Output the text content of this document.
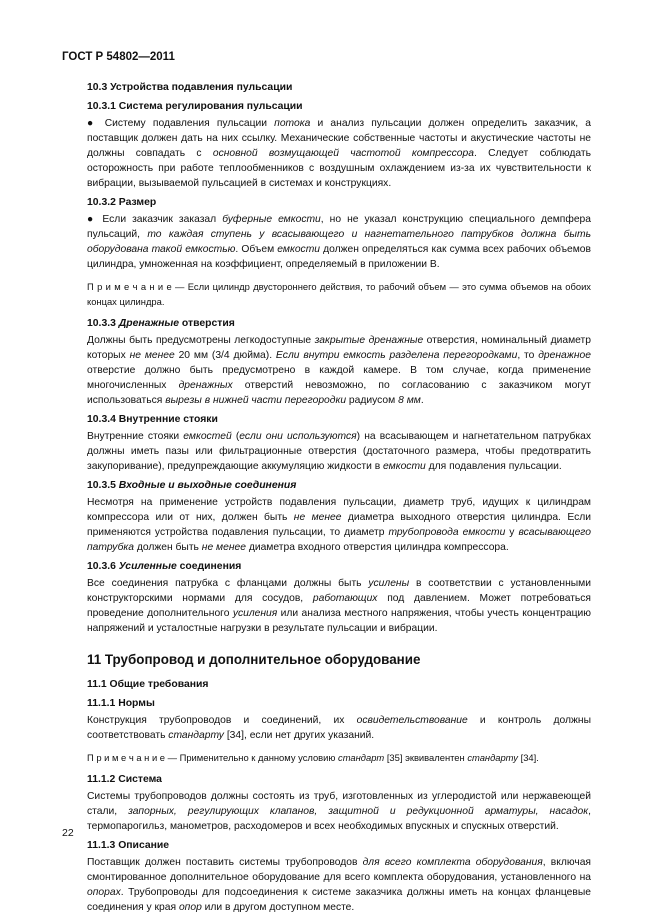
ГОСТ Р 54802—2011
10.3 Устройства подавления пульсации
10.3.1 Система регулирования пульсации
● Систему подавления пульсации потока и анализ пульсации должен определить заказчик, а поставщик должен дать на них ссылку. Механические собственные частоты и акустические частоты не должны совпадать с основной возмущающей частотой компрессора. Следует соблюдать осторожность при работе теплообменников с воздушным охлаждением из-за их чувствительности к вибрации, вызываемой пульсацией в системах и конструкциях.
10.3.2 Размер
● Если заказчик заказал буферные емкости, но не указал конструкцию специального демпфера пульсаций, то каждая ступень у всасывающего и нагнетательного патрубков должна быть оборудована такой емкостью. Объем емкости должен определяться как сумма всех рабочих объемов цилиндра, умноженная на коэффициент, определяемый в приложении В.
П р и м е ч а н и е — Если цилиндр двустороннего действия, то рабочий объем — это сумма объемов на обоих концах цилиндра.
10.3.3 Дренажные отверстия
Должны быть предусмотрены легкодоступные закрытые дренажные отверстия, номинальный диаметр которых не менее 20 мм (3/4 дюйма). Если внутри емкость разделена перегородками, то дренажное отверстие должно быть предусмотрено в каждой камере. В том случае, когда применение многочисленных дренажных отверстий невозможно, по согласованию с заказчиком могут использоваться вырезы в нижней части перегородки радиусом 8 мм.
10.3.4 Внутренние стояки
Внутренние стояки емкостей (если они используются) на всасывающем и нагнетательном патрубках должны иметь пазы или фильтрационные отверстия (достаточного размера, чтобы предотвратить закупоривание), предупреждающие аккумуляцию жидкости в емкости для подавления пульсации.
10.3.5 Входные и выходные соединения
Несмотря на применение устройств подавления пульсации, диаметр труб, идущих к цилиндрам компрессора или от них, должен быть не менее диаметра выходного отверстия цилиндра. Если применяются устройства подавления пульсации, то диаметр трубопровода емкости у всасывающего патрубка должен быть не менее диаметра входного отверстия цилиндра компрессора.
10.3.6 Усиленные соединения
Все соединения патрубка с фланцами должны быть усилены в соответствии с установленными конструкторскими нормами для сосудов, работающих под давлением. Может потребоваться проведение дополнительного усиления или анализа местного напряжения, чтобы учесть концентрацию напряжений и усталостные нагрузки в результате пульсации и вибрации.
11 Трубопровод и дополнительное оборудование
11.1 Общие требования
11.1.1 Нормы
Конструкция трубопроводов и соединений, их освидетельствование и контроль должны соответствовать стандарту [34], если нет других указаний.
П р и м е ч а н и е — Применительно к данному условию стандарт [35] эквивалентен стандарту [34].
11.1.2 Система
Системы трубопроводов должны состоять из труб, изготовленных из углеродистой или нержавеющей стали, запорных, регулирующих клапанов, защитной и редукционной арматуры, насадок, термопарогильз, манометров, расходомеров и всех необходимых впускных и спускных отверстий.
11.1.3 Описание
Поставщик должен поставить системы трубопроводов для всего комплекта оборудования, включая смонтированное дополнительное оборудование для всего комплекта оборудования, установленного на опорах. Трубопроводы для подсоединения к системе заказчика должны иметь на концах фланцевые соединения у края опор или в другом доступном месте.
22
